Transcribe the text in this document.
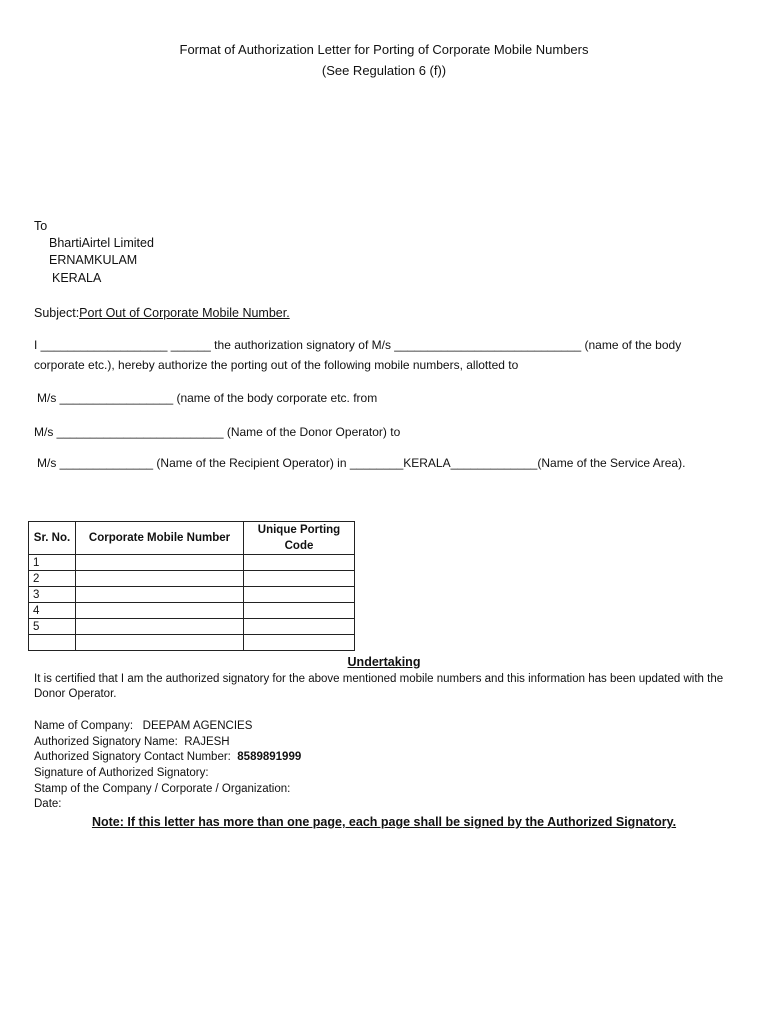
Format of Authorization Letter for Porting of Corporate Mobile Numbers
(See Regulation 6 (f))
To
BhartiAirtel Limited
ERNAMKULAM
KERALA
Subject:Port Out of Corporate Mobile Number.
I ___________________ ______ the authorization signatory of M/s ____________________________ (name of the body
corporate etc.), hereby authorize the porting out of the following mobile numbers, allotted to
M/s _________________ (name of the body corporate etc. from
M/s _________________________ (Name of the Donor Operator) to
M/s ______________ (Name of the Recipient Operator) in ________KERALA_____________(Name of the Service Area).
Sr. No.	Corporate Mobile Number	Unique Porting Code
1		
2		
3		
4		
5		

Undertaking
It is certified that I am the authorized signatory for the above mentioned mobile numbers and this information has been updated with the Donor Operator.
Name of Company: DEEPAM AGENCIES
Authorized Signatory Name: RAJESH
Authorized Signatory Contact Number: 8589891999
Signature of Authorized Signatory:
Stamp of the Company / Corporate / Organization:
Date:
Note: If this letter has more than one page, each page shall be signed by the Authorized Signatory.
